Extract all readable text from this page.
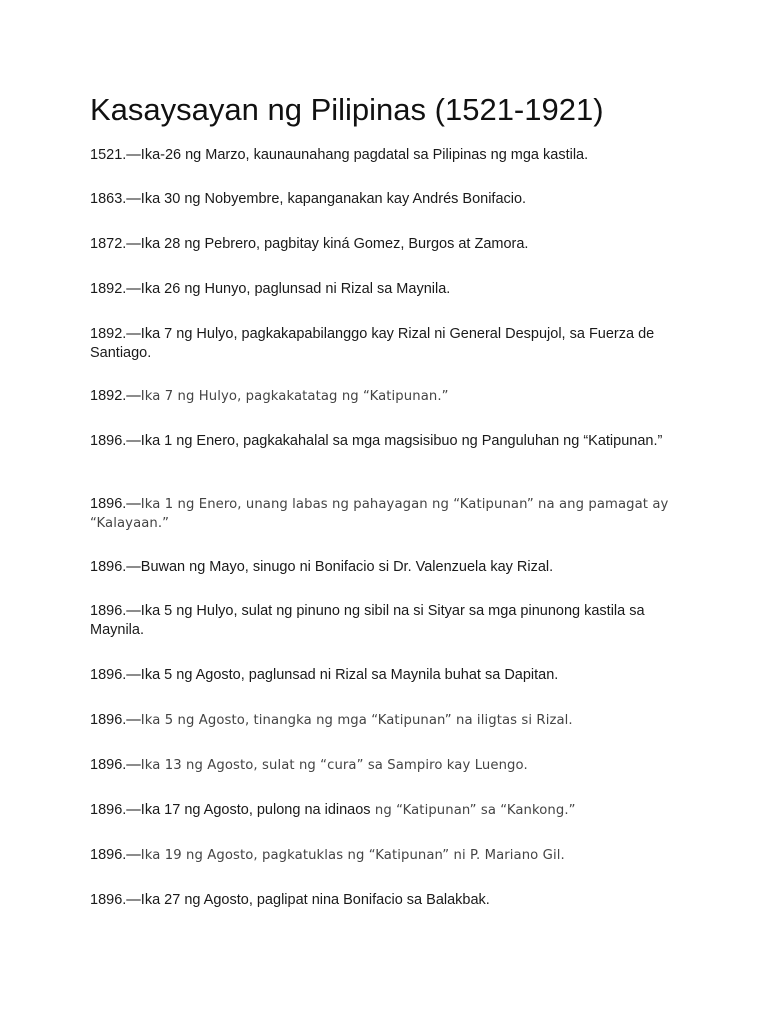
Kasaysayan ng Pilipinas (1521-1921)

1521.—Ika-26 ng Marzo, kaunaunahang pagdatal sa Pilipinas ng mga kastila.

1863.—Ika 30 ng Nobyembre, kapanganakan kay Andrés Bonifacio.

1872.—Ika 28 ng Pebrero, pagbitay kiná Gomez, Burgos at Zamora.

1892.—Ika 26 ng Hunyo, paglunsad ni Rizal sa Maynila.

1892.—Ika 7 ng Hulyo, pagkakapabilanggo kay Rizal ni General Despujol, sa Fuerza de Santiago.

1892.—Ika 7 ng Hulyo, pagkakatatag ng “Katipunan.”

1896.—Ika 1 ng Enero, pagkakahalal sa mga magsisibuo ng Panguluhan ng “Katipunan.”

1896.—Ika 1 ng Enero, unang labas ng pahayagan ng “Katipunan” na ang pamagat ay “Kalayaan.”

1896.—Buwan ng Mayo, sinugo ni Bonifacio si Dr. Valenzuela kay Rizal.

1896.—Ika 5 ng Hulyo, sulat ng pinuno ng sibil na si Sityar sa mga pinunong kastila sa Maynila.

1896.—Ika 5 ng Agosto, paglunsad ni Rizal sa Maynila buhat sa Dapitan.

1896.—Ika 5 ng Agosto, tinangka ng mga “Katipunan” na iligtas si Rizal.

1896.—Ika 13 ng Agosto, sulat ng “cura” sa Sampiro kay Luengo.

1896.—Ika 17 ng Agosto, pulong na idinaos ng “Katipunan” sa “Kankong.”

1896.—Ika 19 ng Agosto, pagkatuklas ng “Katipunan” ni P. Mariano Gil.

1896.—Ika 27 ng Agosto, paglipat nina Bonifacio sa Balakbak.
